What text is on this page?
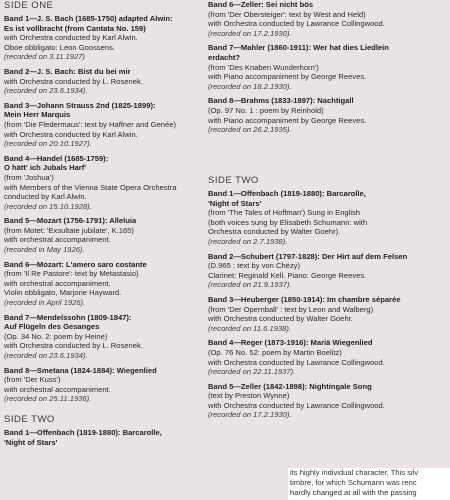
SIDE ONE
Band 1—J. S. Bach (1685-1750) adapted Alwin:
Es ist vollbracht (from Cantata No. 159)
with Orchestra conducted by Karl Alwin.
Oboe obbligato: Leon Goossens.
(recorded on 3.11.1927)
Band 2—J. S. Bach: Bist du bei mir
with Orchestra conducted by L. Rosenek.
(recorded on 23.6.1934).
Band 3—Johann Strauss 2nd (1825-1899):
Mein Herr Marquis
(from 'Die Fledermaus': text by Haffner and Genée)
with Orchestra conducted by Karl Alwin.
(recorded on 20.10.1927).
Band 4—Handel (1685-1759):
O hätt' ich Jubals Harf'
(from 'Joshua')
with Members of the Vienna State Opera Orchestra
conducted by Karl Alwin.
(recorded on 15.10.1928).
Band 5—Mozart (1756-1791): Alleluia
(from Motet: 'Exsultate jubilate', K.165)
with orchestral accompaniment.
(recorded in May 1926).
Band 6—Mozart: L'amero saro costante
(from 'Il Re Pastore': text by Metastasio)
with orchestral accompaniment.
Violin obbligato, Marjorie Hayward.
(recorded in April 1926).
Band 7—Mendelssohn (1809-1847):
Auf Flügeln des Gesanges
(Op. 34 No. 2: poem by Heine)
with Orchestra conducted by L. Rosenek.
(recorded on 23.6.1934).
Band 8—Smetana (1824-1884): Wiegenlied
(from 'Der Kuss')
with orchestral accompaniment.
(recorded on 25.11.1936).
SIDE TWO
Band 1—Offenbach (1819-1880): Barcarolle,
'Night of Stars'
Band 6—Zeller: Sei nicht bös
(from 'Der Obersteiger': text by West and Held)
with Orchestra conducted by Lawrance Collingwood.
(recorded on 17.2.1930).
Band 7—Mahler (1860-1911): Wer hat dies Liedlein
erdacht?
(from 'Des Knaben Wunderhorn')
with Piano accompaniment by George Reeves.
(recorded on 18.2.1930).
Band 8—Brahms (1833-1897): Nachtigall
(Op. 97 No. 1 : poem by Reinhold)
with Piano accompaniment by George Reeves.
(recorded on 26.2.1935).
SIDE TWO
Band 1—Offenbach (1819-1880): Barcarolle,
'Night of Stars'
(from 'The Tales of Hoffman') Sung in English
(both voices sung by Elisabeth Schumann: with
Orchestra conducted by Walter Goehr).
(recorded on 2.7.1938).
Band 2—Schubert (1797-1828): Der Hirt auf dem Felsen
(D.965 : text by von Chézy)
Clarinet: Reginald Kell. Piano: George Reeves.
(recorded on 21.9.1937).
Band 3—Heuberger (1850-1914): Im chambre séparée
(from 'Der Opernball' : text by Leon and Walberg)
with Orchestra conducted by Walter Goehr.
(recorded on 11.6.1938).
Band 4—Reger (1873-1916): Mariä Wiegenlied
(Op. 76 No. 52: poem by Martin Boelitz)
with Orchestra conducted by Lawrance Collingwood.
(recorded on 22.11.1937).
Band 5—Zeller (1842-1898): Nightingale Song
(text by Preston Wynne)
with Orchestra conducted by Lawrance Collingwood.
(recorded on 17.2.1930).
its highly individual character. This silv
timbre, for which Schumann was renc
hardly changed at all with the passing
